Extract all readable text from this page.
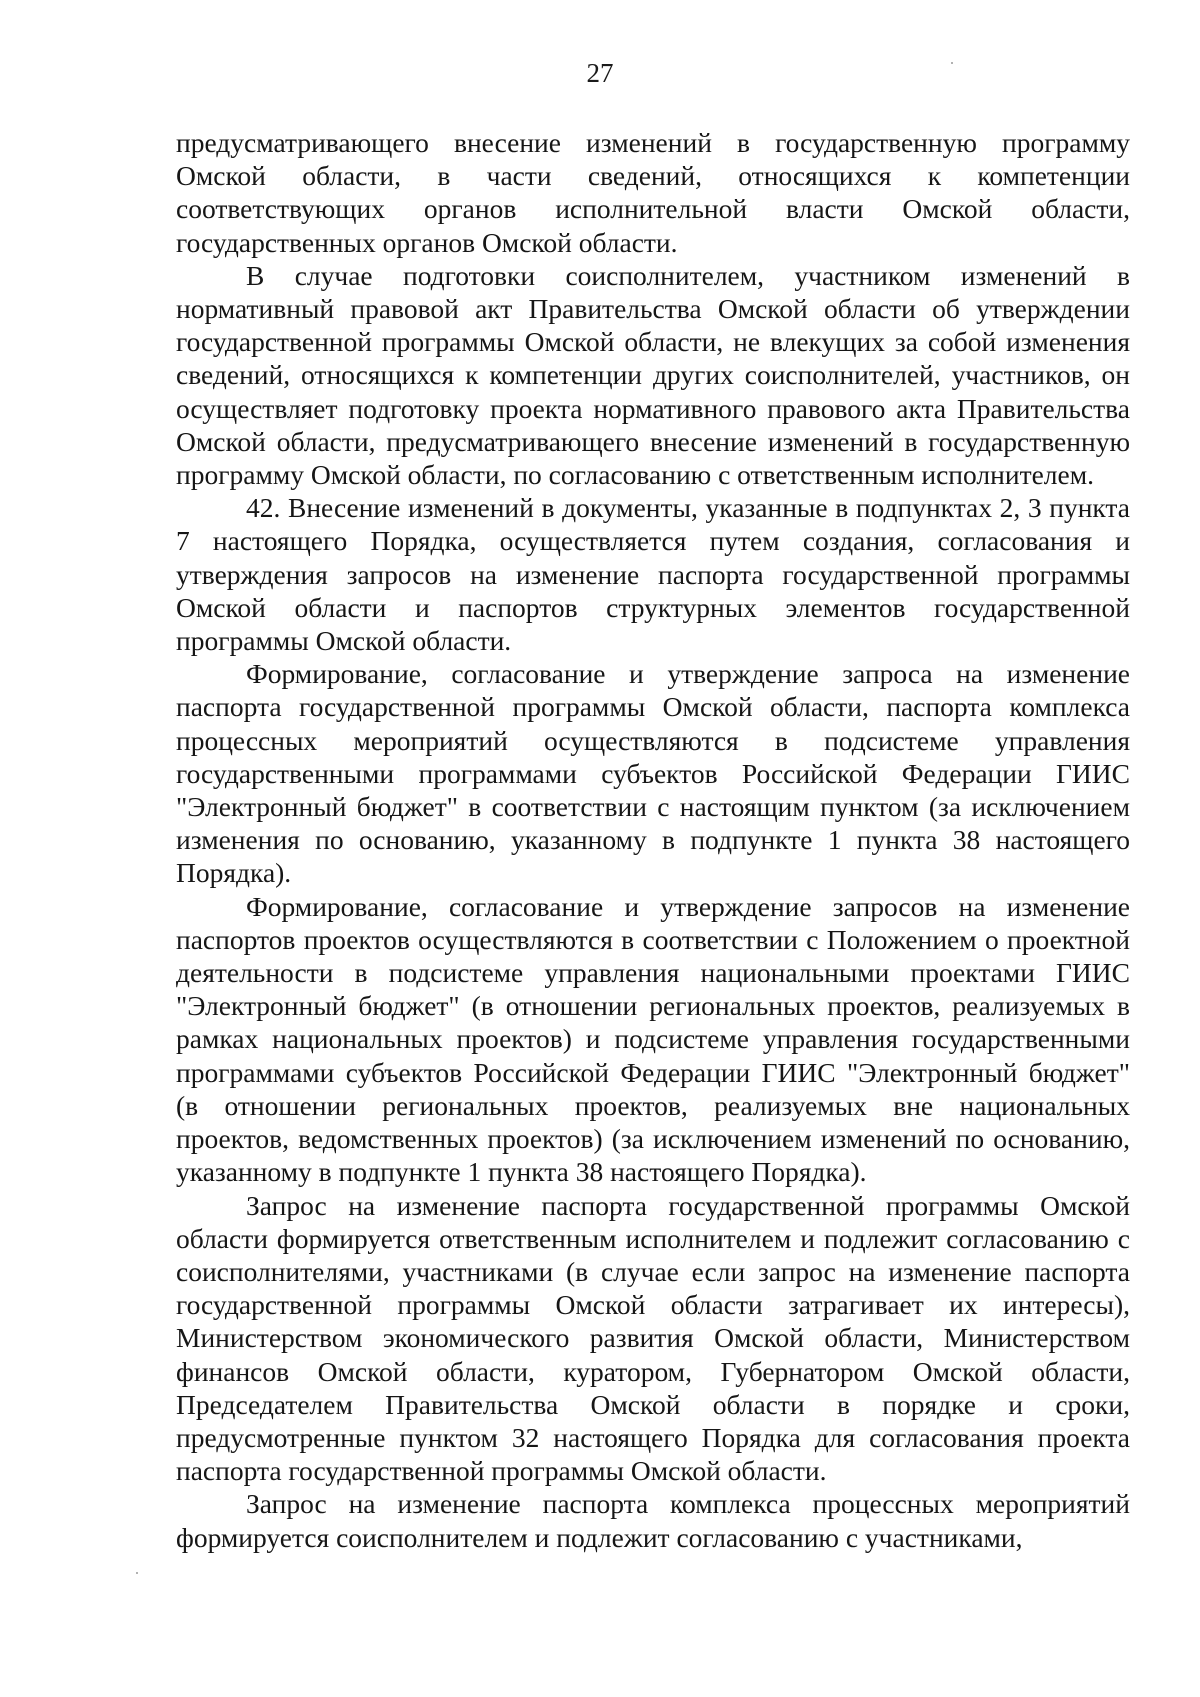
27

предусматривающего внесение изменений в государственную программу Омской области, в части сведений, относящихся к компетенции соответствующих органов исполнительной власти Омской области, государственных органов Омской области.

В случае подготовки соисполнителем, участником изменений в нормативный правовой акт Правительства Омской области об утверждении государственной программы Омской области, не влекущих за собой изменения сведений, относящихся к компетенции других соисполнителей, участников, он осуществляет подготовку проекта нормативного правового акта Правительства Омской области, предусматривающего внесение изменений в государственную программу Омской области, по согласованию с ответственным исполнителем.

42. Внесение изменений в документы, указанные в подпунктах 2, 3 пункта 7 настоящего Порядка, осуществляется путем создания, согласования и утверждения запросов на изменение паспорта государственной программы Омской области и паспортов структурных элементов государственной программы Омской области.

Формирование, согласование и утверждение запроса на изменение паспорта государственной программы Омской области, паспорта комплекса процессных мероприятий осуществляются в подсистеме управления государственными программами субъектов Российской Федерации ГИИС "Электронный бюджет" в соответствии с настоящим пунктом (за исключением изменения по основанию, указанному в подпункте 1 пункта 38 настоящего Порядка).

Формирование, согласование и утверждение запросов на изменение паспортов проектов осуществляются в соответствии с Положением о проектной деятельности в подсистеме управления национальными проектами ГИИС "Электронный бюджет" (в отношении региональных проектов, реализуемых в рамках национальных проектов) и подсистеме управления государственными программами субъектов Российской Федерации ГИИС "Электронный бюджет" (в отношении региональных проектов, реализуемых вне национальных проектов, ведомственных проектов) (за исключением изменений по основанию, указанному в подпункте 1 пункта 38 настоящего Порядка).

Запрос на изменение паспорта государственной программы Омской области формируется ответственным исполнителем и подлежит согласованию с соисполнителями, участниками (в случае если запрос на изменение паспорта государственной программы Омской области затрагивает их интересы), Министерством экономического развития Омской области, Министерством финансов Омской области, куратором, Губернатором Омской области, Председателем Правительства Омской области в порядке и сроки, предусмотренные пунктом 32 настоящего Порядка для согласования проекта паспорта государственной программы Омской области.

Запрос на изменение паспорта комплекса процессных мероприятий формируется соисполнителем и подлежит согласованию с участниками,
